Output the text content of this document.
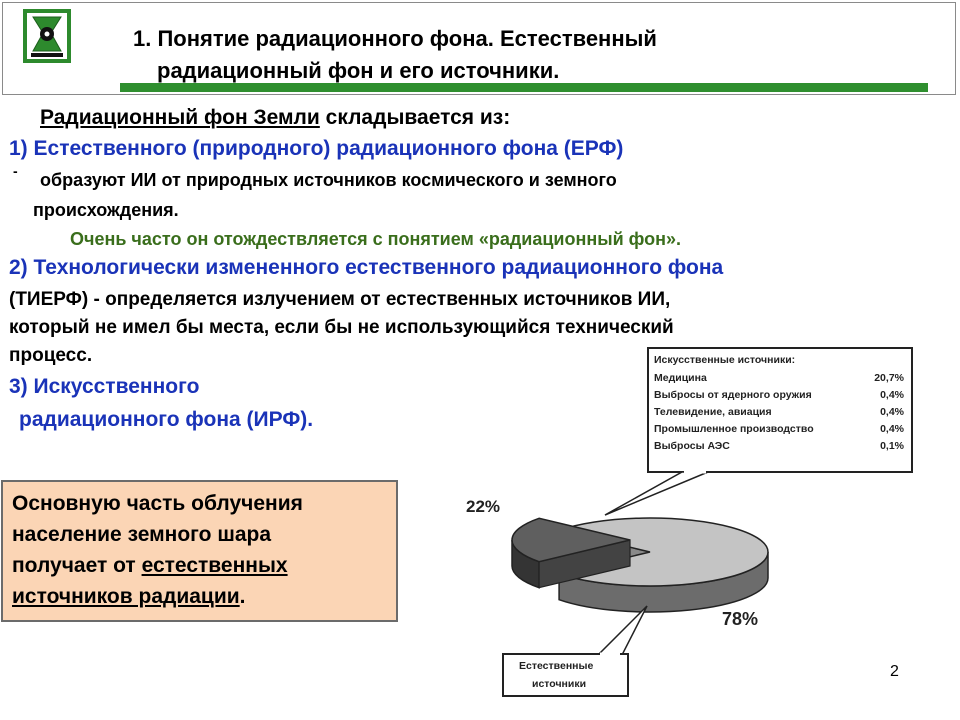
1. Понятие радиационного фона. Естественный
радиационный фон и его источники.
Радиационный фон Земли складывается из:
1) Естественного (природного) радиационного фона (ЕРФ)
- образуют ИИ от природных источников космического и земного
происхождения.
Очень часто он отождествляется с понятием «радиационный фон».
2) Технологически измененного естественного радиационного фона
(ТИЕРФ) - определяется излучением от естественных источников ИИ,
который не имел бы места, если бы не использующийся технический
процесс.
3) Искусственного
радиационного фона (ИРФ).
Основную часть облучения
население земного шара
получает от естественных
источников радиации.
Искусственные источники:
Медицина	20,7%
Выбросы от ядерного оружия	0,4%
Телевидение, авиация	0,4%
Промышленное производство	0,4%
Выбросы АЭС	0,1%
22%
78%
Естественные
источники
2
